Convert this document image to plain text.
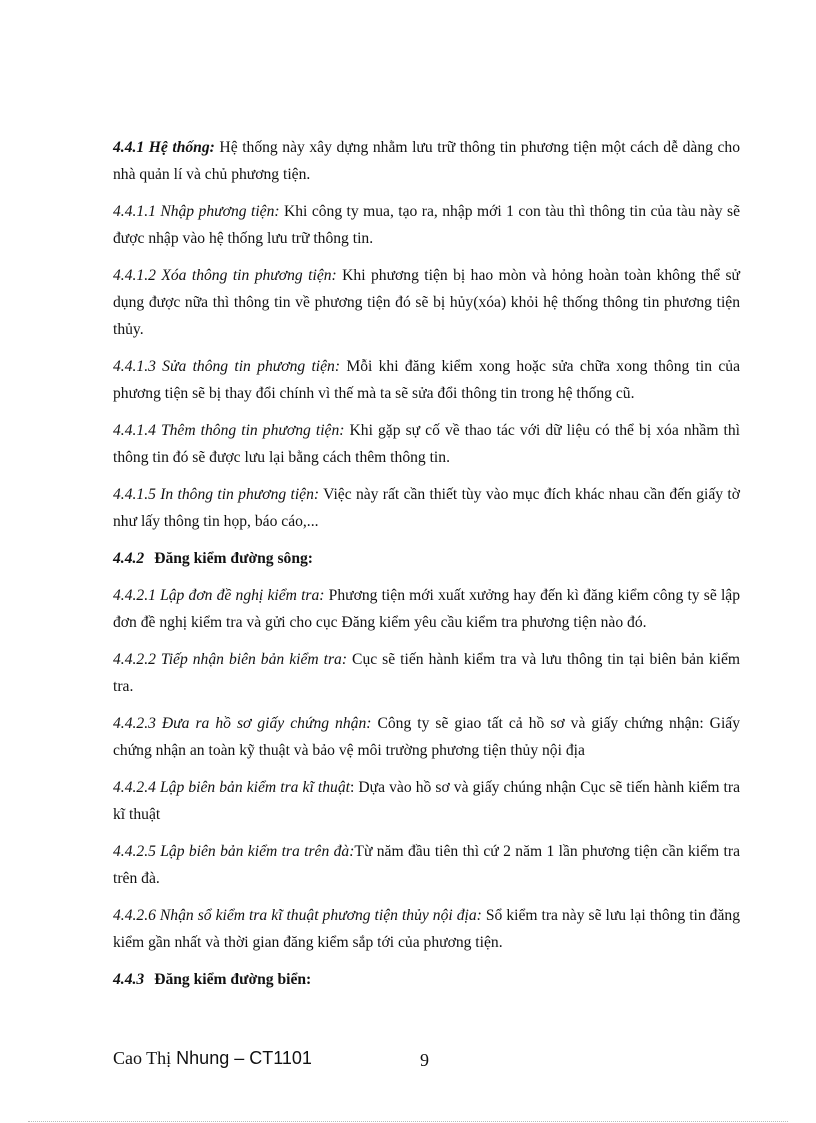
4.4.1 Hệ thống: Hệ thống này xây dựng nhằm lưu trữ thông tin phương tiện một cách dễ dàng cho nhà quản lí và chủ phương tiện.

4.4.1.1 Nhập phương tiện: Khi công ty mua, tạo ra, nhập mới 1 con tàu thì thông tin của tàu này sẽ được nhập vào hệ thống lưu trữ thông tin.

4.4.1.2 Xóa thông tin phương tiện: Khi phương tiện bị hao mòn và hỏng hoàn toàn không thể sử dụng được nữa thì thông tin về phương tiện đó sẽ bị hủy(xóa) khỏi hệ thống thông tin phương tiện thủy.

4.4.1.3 Sửa thông tin phương tiện: Mỗi khi đăng kiểm xong hoặc sửa chữa xong thông tin của phương tiện sẽ bị thay đổi chính vì thế mà ta sẽ sửa đổi thông tin trong hệ thống cũ.

4.4.1.4 Thêm thông tin phương tiện: Khi gặp sự cố về thao tác với dữ liệu có thể bị xóa nhầm thì thông tin đó sẽ được lưu lại bằng cách thêm thông tin.

4.4.1.5 In thông tin phương tiện: Việc này rất cần thiết tùy vào mục đích khác nhau cần đến giấy tờ như lấy thông tin họp, báo cáo,...

4.4.2 Đăng kiểm đường sông:

4.4.2.1 Lập đơn đề nghị kiểm tra: Phương tiện mới xuất xưởng hay đến kì đăng kiểm công ty sẽ lập đơn đề nghị kiểm tra và gửi cho cục Đăng kiểm yêu cầu kiểm tra phương tiện nào đó.

4.4.2.2 Tiếp nhận biên bản kiểm tra: Cục sẽ tiến hành kiểm tra và lưu thông tin tại biên bản kiểm tra.

4.4.2.3 Đưa ra hồ sơ giấy chứng nhận: Công ty sẽ giao tất cả hồ sơ và giấy chứng nhận: Giấy chứng nhận an toàn kỹ thuật và bảo vệ môi trường phương tiện thủy nội địa

4.4.2.4 Lập biên bản kiểm tra kĩ thuật: Dựa vào hồ sơ và giấy chúng nhận Cục sẽ tiến hành kiểm tra kĩ thuật

4.4.2.5 Lập biên bản kiểm tra trên đà:Từ năm đầu tiên thì cứ 2 năm 1 lần phương tiện cần kiểm tra trên đà.

4.4.2.6 Nhận sổ kiểm tra kĩ thuật phương tiện thủy nội địa: Sổ kiểm tra này sẽ lưu lại thông tin đăng kiểm gần nhất và thời gian đăng kiểm sắp tới của phương tiện.

4.4.3 Đăng kiểm đường biển:

Cao Thị Nhung – CT1101	9
